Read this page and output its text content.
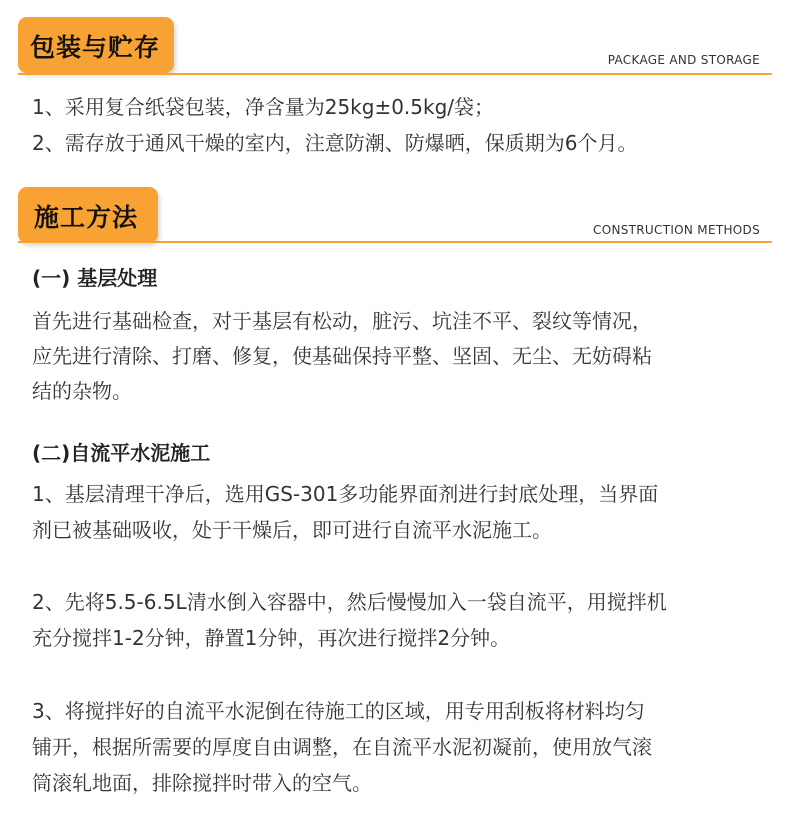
包装与贮存	PACKAGE AND STORAGE
1、采用复合纸袋包装，净含量为25kg±0.5kg/袋；
2、需存放于通风干燥的室内，注意防潮、防爆晒，保质期为6个月。
施工方法	CONSTRUCTION METHODS
(一) 基层处理
首先进行基础检查，对于基层有松动，脏污、坑洼不平、裂纹等情况，
应先进行清除、打磨、修复，使基础保持平整、坚固、无尘、无妨碍粘
结的杂物。
(二)自流平水泥施工
1、基层清理干净后，选用GS-301多功能界面剂进行封底处理，当界面
剂已被基础吸收，处于干燥后，即可进行自流平水泥施工。
2、先将5.5-6.5L清水倒入容器中，然后慢慢加入一袋自流平，用搅拌机
充分搅拌1-2分钟，静置1分钟，再次进行搅拌2分钟。
3、将搅拌好的自流平水泥倒在待施工的区域，用专用刮板将材料均匀
铺开，根据所需要的厚度自由调整，在自流平水泥初凝前，使用放气滚
筒滚轧地面，排除搅拌时带入的空气。
